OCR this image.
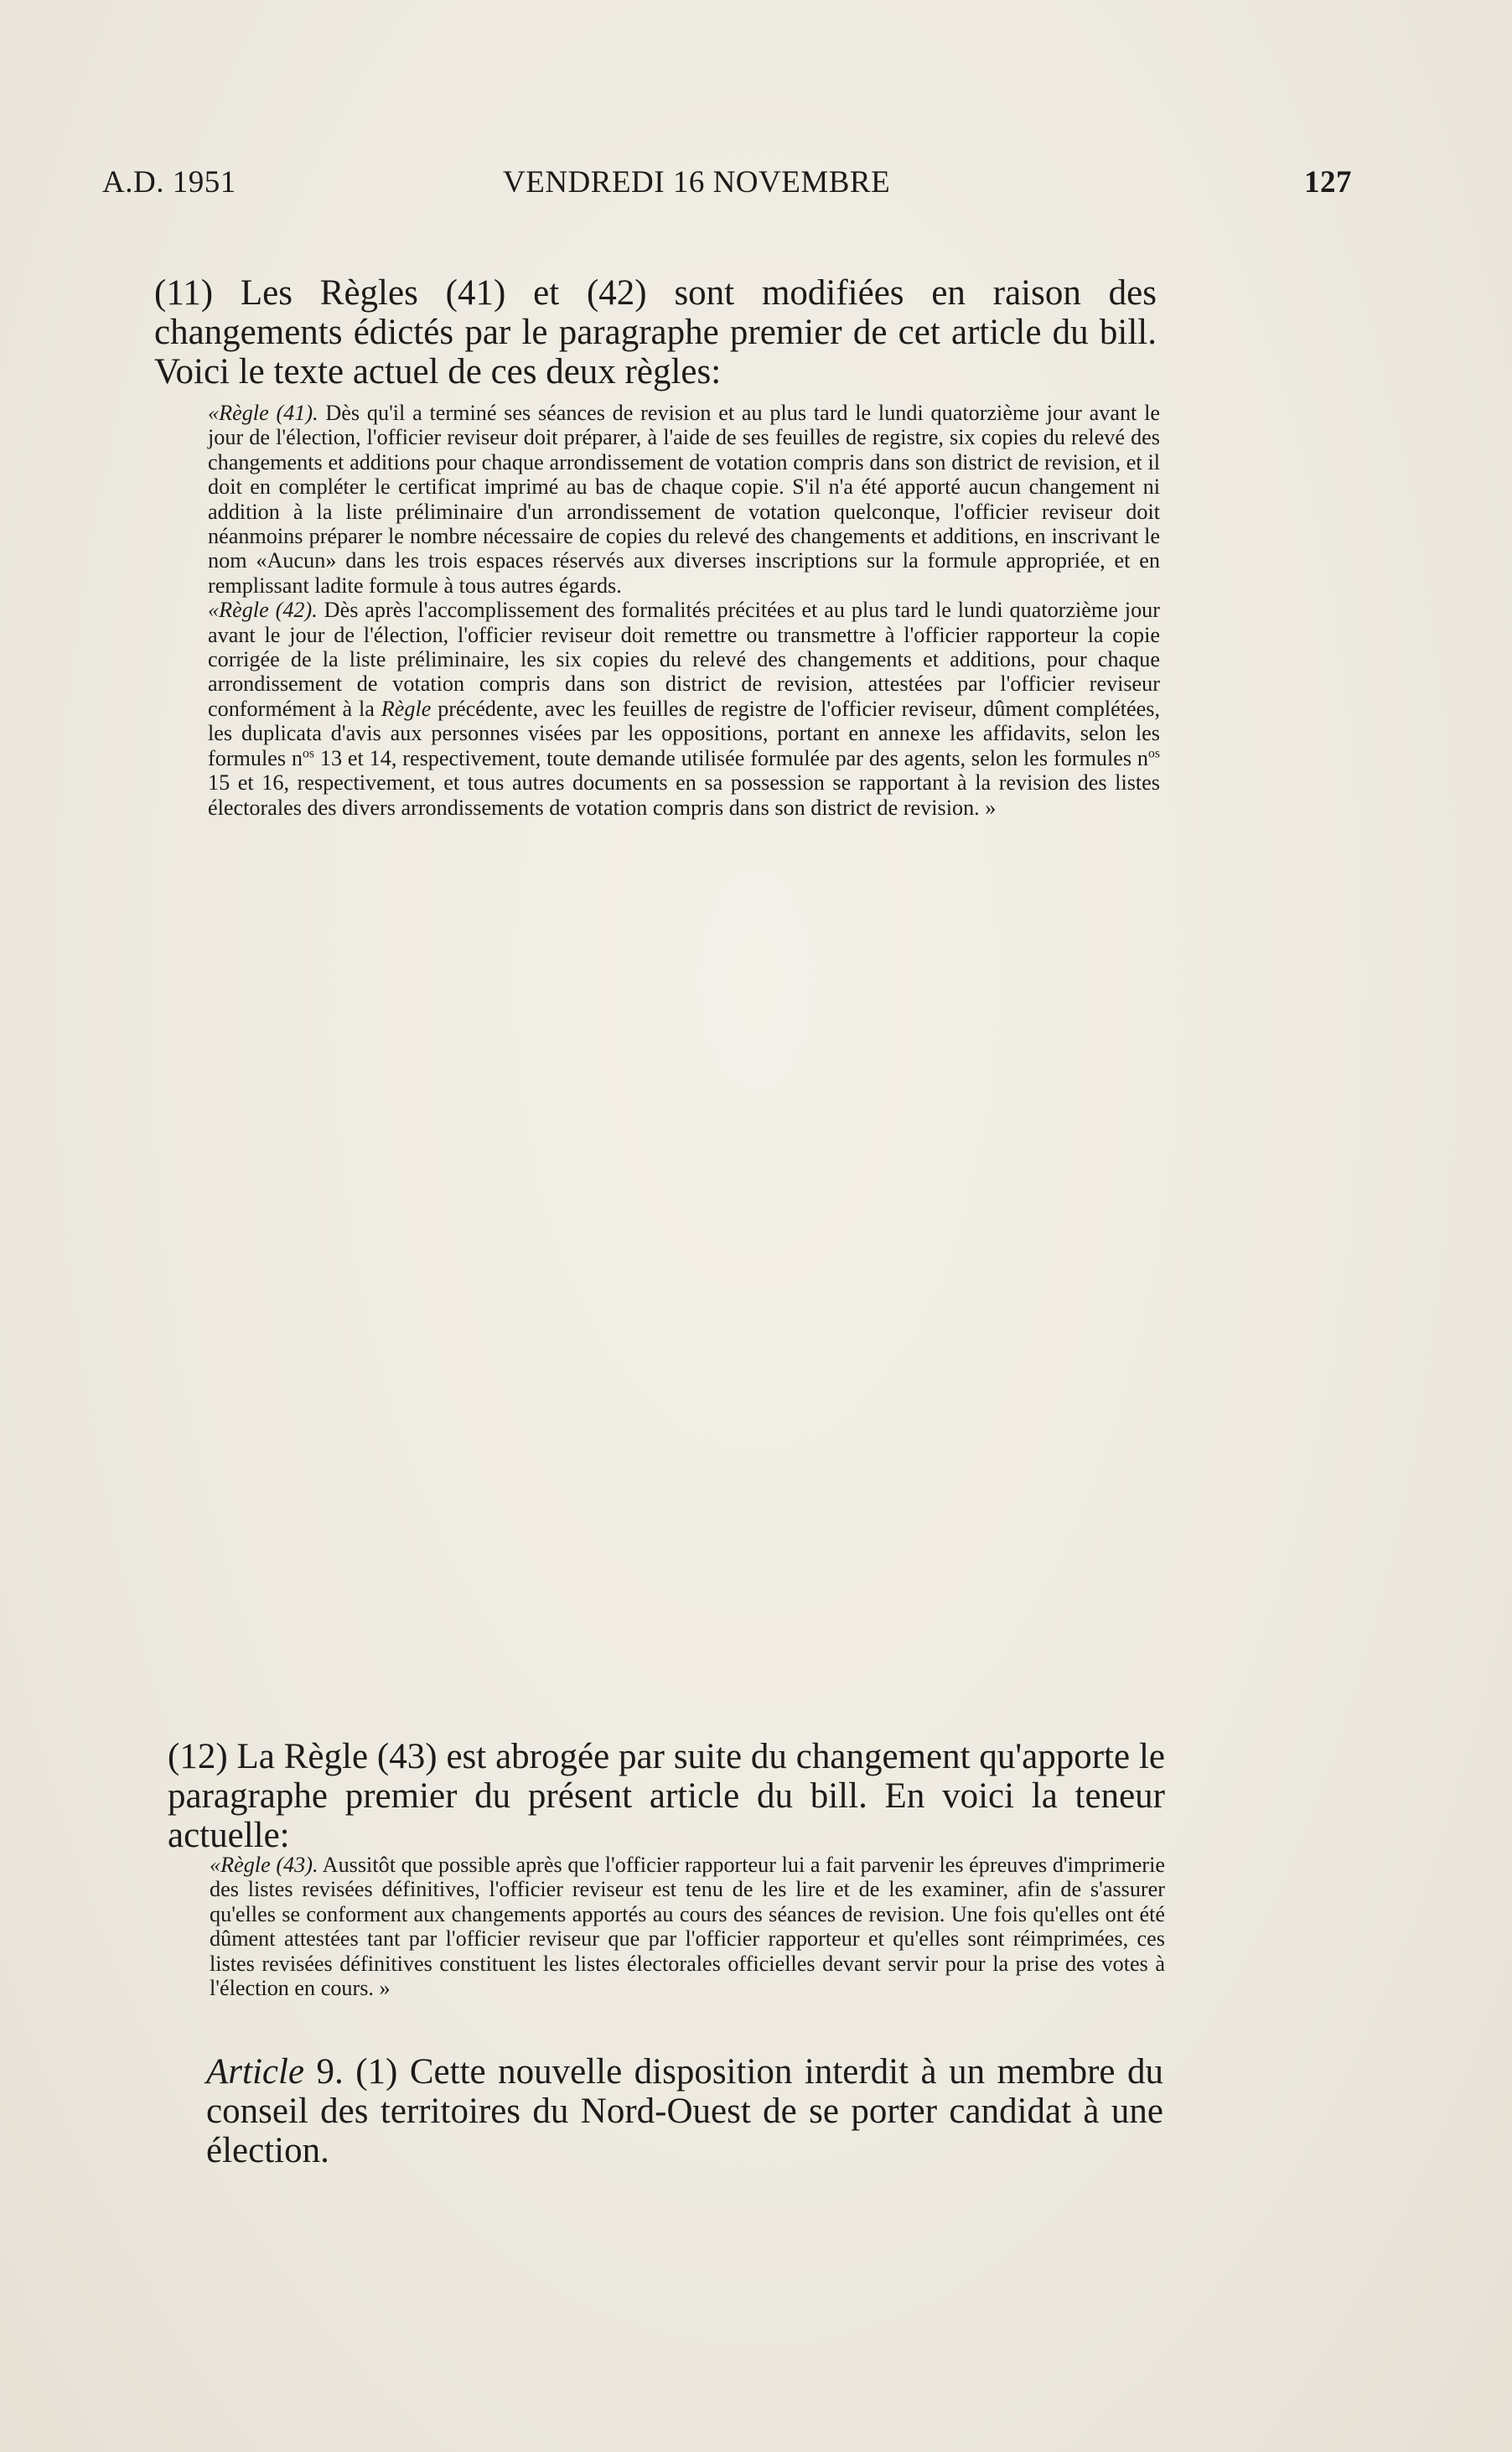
A.D. 1951	VENDREDI 16 NOVEMBRE	127

(11) Les Règles (41) et (42) sont modifiées en raison des changements édictés par le paragraphe premier de cet article du bill. Voici le texte actuel de ces deux règles:

«Règle (41). Dès qu'il a terminé ses séances de revision et au plus tard le lundi quatorzième jour avant le jour de l'élection, l'officier reviseur doit préparer, à l'aide de ses feuilles de registre, six copies du relevé des changements et additions pour chaque arrondissement de votation compris dans son district de revision, et il doit en compléter le certificat imprimé au bas de chaque copie. S'il n'a été apporté aucun changement ni addition à la liste préliminaire d'un arrondissement de votation quelconque, l'officier reviseur doit néanmoins préparer le nombre nécessaire de copies du relevé des changements et additions, en inscrivant le nom «Aucun» dans les trois espaces réservés aux diverses inscriptions sur la formule appropriée, et en remplissant ladite formule à tous autres égards.

«Règle (42). Dès après l'accomplissement des formalités précitées et au plus tard le lundi quatorzième jour avant le jour de l'élection, l'officier reviseur doit remettre ou transmettre à l'officier rapporteur la copie corrigée de la liste préliminaire, les six copies du relevé des changements et additions, pour chaque arrondissement de votation compris dans son district de revision, attestées par l'officier reviseur conformément à la Règle précédente, avec les feuilles de registre de l'officier reviseur, dûment complétées, les duplicata d'avis aux personnes visées par les oppositions, portant en annexe les affidavits, selon les formules $n^{os}$ 13 et 14, respectivement, toute demande utilisée formulée par des agents, selon les formules $n^{os}$ 15 et 16, respectivement, et tous autres documents en sa possession se rapportant à la revision des listes électorales des divers arrondissements de votation compris dans son district de revision. »

(12) La Règle (43) est abrogée par suite du changement qu'apporte le paragraphe premier du présent article du bill. En voici la teneur actuelle:

«Règle (43). Aussitôt que possible après que l'officier rapporteur lui a fait parvenir les épreuves d'imprimerie des listes revisées définitives, l'officier reviseur est tenu de les lire et de les examiner, afin de s'assurer qu'elles se conforment aux changements apportés au cours des séances de revision. Une fois qu'elles ont été dûment attestées tant par l'officier reviseur que par l'officier rapporteur et qu'elles sont réimprimées, ces listes revisées définitives constituent les listes électorales officielles devant servir pour la prise des votes à l'élection en cours. »

Article 9. (1) Cette nouvelle disposition interdit à un membre du conseil des territoires du Nord-Ouest de se porter candidat à une élection.
